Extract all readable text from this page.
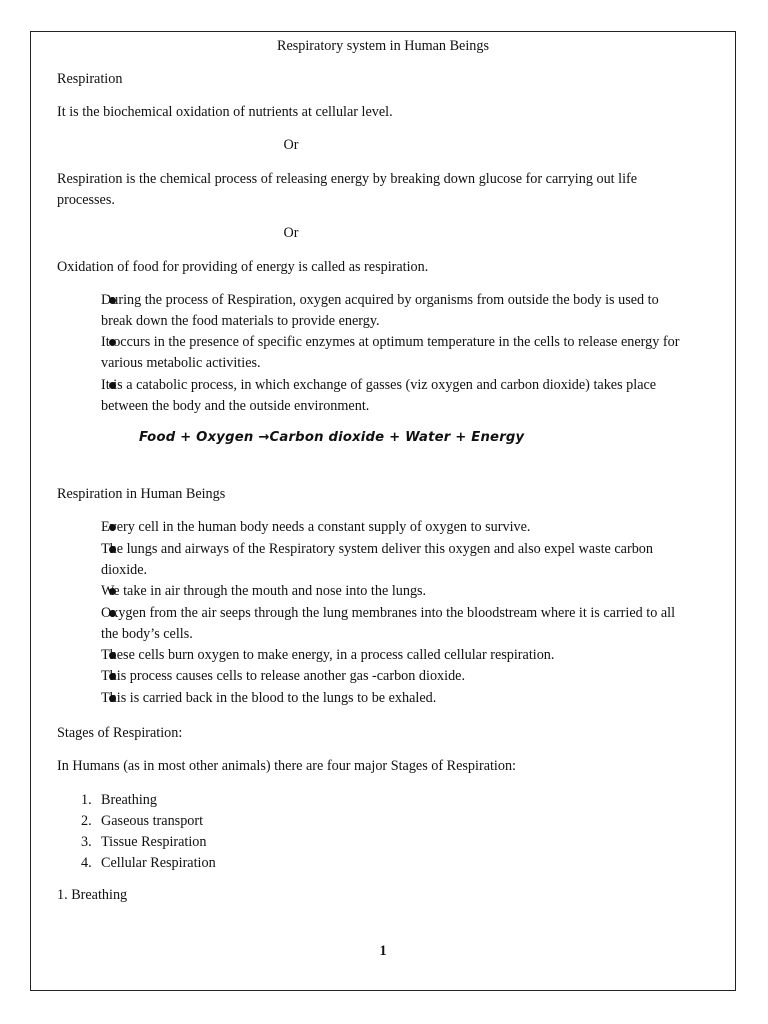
Respiratory system in Human Beings
Respiration
It is the biochemical oxidation of nutrients at cellular level.
Or
Respiration is the chemical process of releasing energy by breaking down glucose for carrying out life
processes.
Or
Oxidation of food for providing of energy is called as respiration.
During the process of Respiration, oxygen acquired by organisms from outside the body is used to
break down the food materials to provide energy.
It occurs in the presence of specific enzymes at optimum temperature in the cells to release energy for
various metabolic activities.
It is a catabolic process, in which exchange of gasses (viz oxygen and carbon dioxide) takes place
between the body and the outside environment.
Food + Oxygen →Carbon dioxide + Water + Energy
Respiration in Human Beings
Every cell in the human body needs a constant supply of oxygen to survive.
The lungs and airways of the Respiratory system deliver this oxygen and also expel waste carbon
dioxide.
We take in air through the mouth and nose into the lungs.
Oxygen from the air seeps through the lung membranes into the bloodstream where it is carried to all
the body’s cells.
These cells burn oxygen to make energy, in a process called cellular respiration.
This process causes cells to release another gas -carbon dioxide.
This is carried back in the blood to the lungs to be exhaled.
Stages of Respiration:
In Humans (as in most other animals) there are four major Stages of Respiration:
1. Breathing
2. Gaseous transport
3. Tissue Respiration
4. Cellular Respiration
1. Breathing
1
